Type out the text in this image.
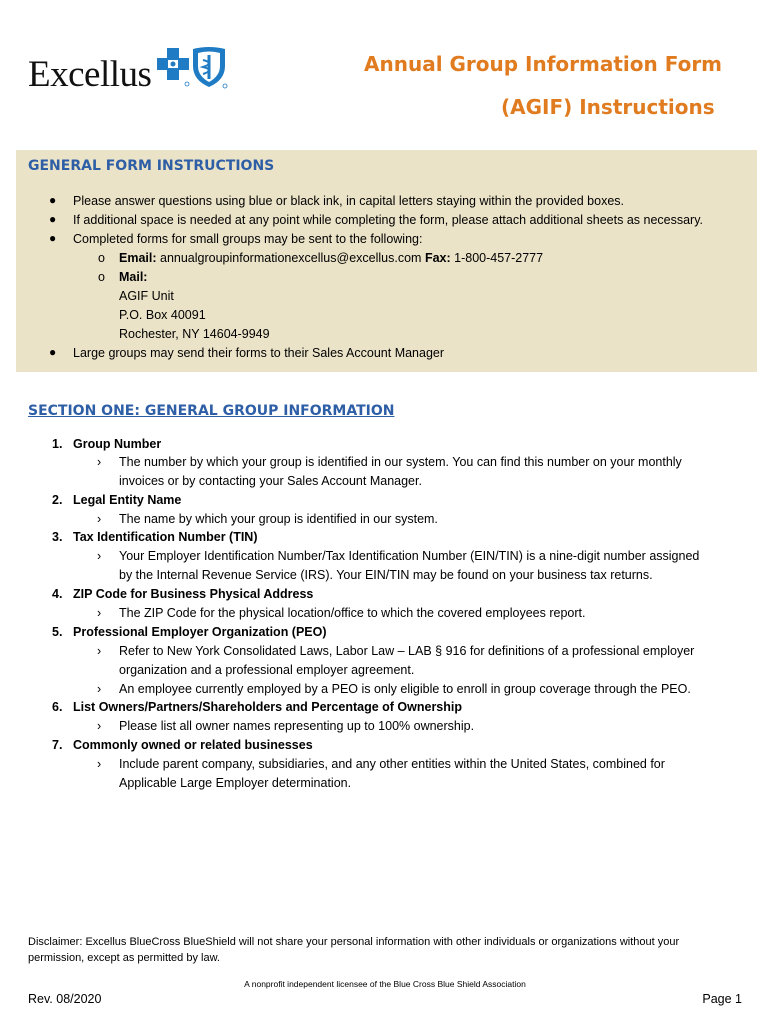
Excellus	Annual Group Information Form
(AGIF) Instructions
GENERAL FORM INSTRUCTIONS
● Please answer questions using blue or black ink, in capital letters staying within the provided boxes.
● If additional space is needed at any point while completing the form, please attach additional sheets as necessary.
● Completed forms for small groups may be sent to the following:
o Email: annualgroupinformationexcellus@excellus.com Fax: 1-800-457-2777
o Mail:
AGIF Unit
P.O. Box 40091
Rochester, NY 14604-9949
● Large groups may send their forms to their Sales Account Manager
SECTION ONE: GENERAL GROUP INFORMATION
1. Group Number
› The number by which your group is identified in our system. You can find this number on your monthly
invoices or by contacting your Sales Account Manager.
2. Legal Entity Name
› The name by which your group is identified in our system.
3. Tax Identification Number (TIN)
› Your Employer Identification Number/Tax Identification Number (EIN/TIN) is a nine-digit number assigned
by the Internal Revenue Service (IRS). Your EIN/TIN may be found on your business tax returns.
4. ZIP Code for Business Physical Address
› The ZIP Code for the physical location/office to which the covered employees report.
5. Professional Employer Organization (PEO)
› Refer to New York Consolidated Laws, Labor Law – LAB § 916 for definitions of a professional employer
organization and a professional employer agreement.
› An employee currently employed by a PEO is only eligible to enroll in group coverage through the PEO.
6. List Owners/Partners/Shareholders and Percentage of Ownership
› Please list all owner names representing up to 100% ownership.
7. Commonly owned or related businesses
› Include parent company, subsidiaries, and any other entities within the United States, combined for
Applicable Large Employer determination.
Disclaimer: Excellus BlueCross BlueShield will not share your personal information with other individuals or organizations without your permission, except as permitted by law.
A nonprofit independent licensee of the Blue Cross Blue Shield Association
Rev. 08/2020	Page 1
